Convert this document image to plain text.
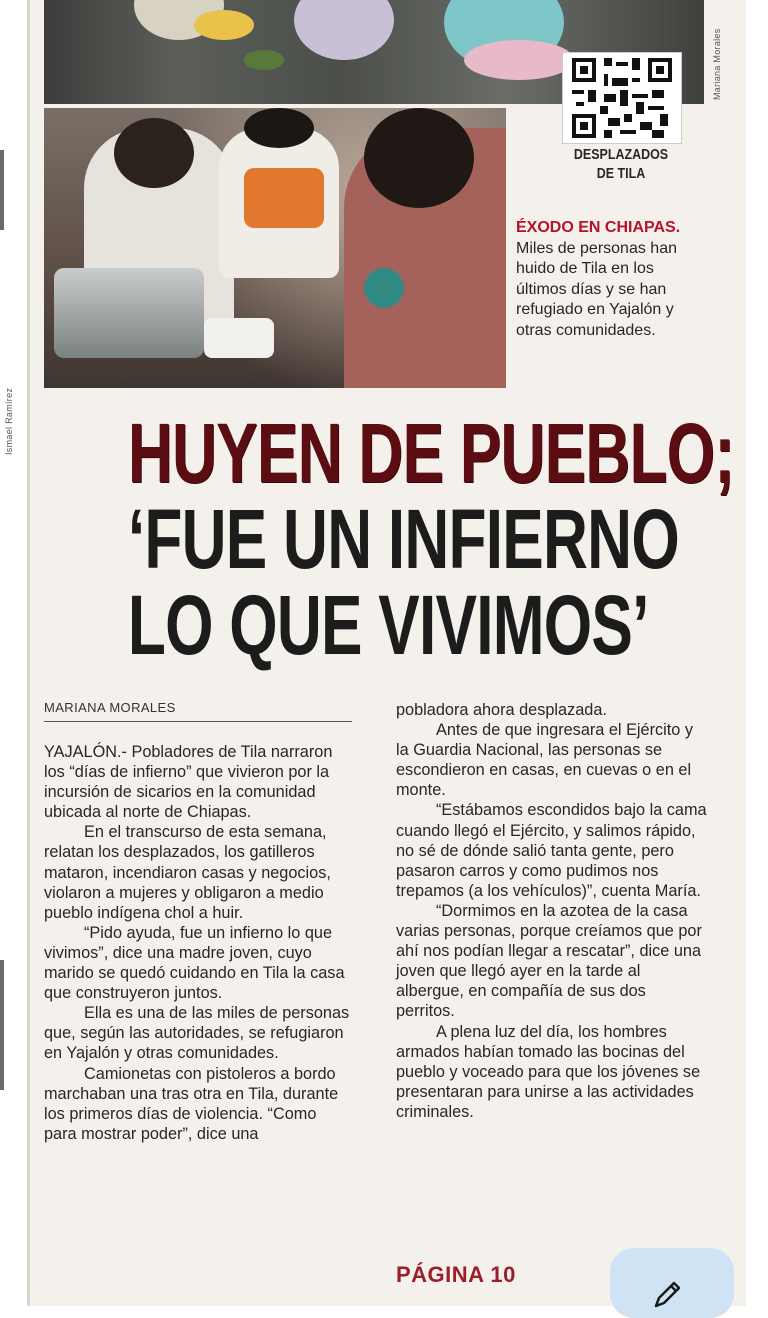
Mariana Morales
Ismael Ramírez
DESPLAZADOS
DE TILA
ÉXODO EN CHIAPAS. Miles de personas han huido de Tila en los últimos días y se han refugiado en Yajalón y otras comunidades.
HUYEN DE PUEBLO;
‘FUE UN INFIERNO
LO QUE VIVIMOS’
MARIANA MORALES

YAJALÓN.- Pobladores de Tila narraron los “días de infierno” que vivieron por la incursión de sicarios en la comunidad ubicada al norte de Chiapas.

En el transcurso de esta semana, relatan los desplazados, los gatilleros mataron, incendiaron casas y negocios, violaron a mujeres y obligaron a medio pueblo indígena chol a huir.

“Pido ayuda, fue un infierno lo que vivimos”, dice una madre joven, cuyo marido se quedó cuidando en Tila la casa que construyeron juntos.

Ella es una de las miles de personas que, según las autoridades, se refugiaron en Yajalón y otras comunidades.

Camionetas con pistoleros a bordo marchaban una tras otra en Tila, durante los primeros días de violencia. “Como para mostrar poder”, dice una

pobladora ahora desplazada.

Antes de que ingresara el Ejército y la Guardia Nacional, las personas se escondieron en casas, en cuevas o en el monte.

“Estábamos escondidos bajo la cama cuando llegó el Ejército, y salimos rápido, no sé de dónde salió tanta gente, pero pasaron carros y como pudimos nos trepamos (a los vehículos)”, cuenta María.

“Dormimos en la azotea de la casa varias personas, porque creíamos que por ahí nos podían llegar a rescatar”, dice una joven que llegó ayer en la tarde al albergue, en compañía de sus dos perritos.

A plena luz del día, los hombres armados habían tomado las bocinas del pueblo y voceado para que los jóvenes se presentaran para unirse a las actividades criminales.

PÁGINA 10
